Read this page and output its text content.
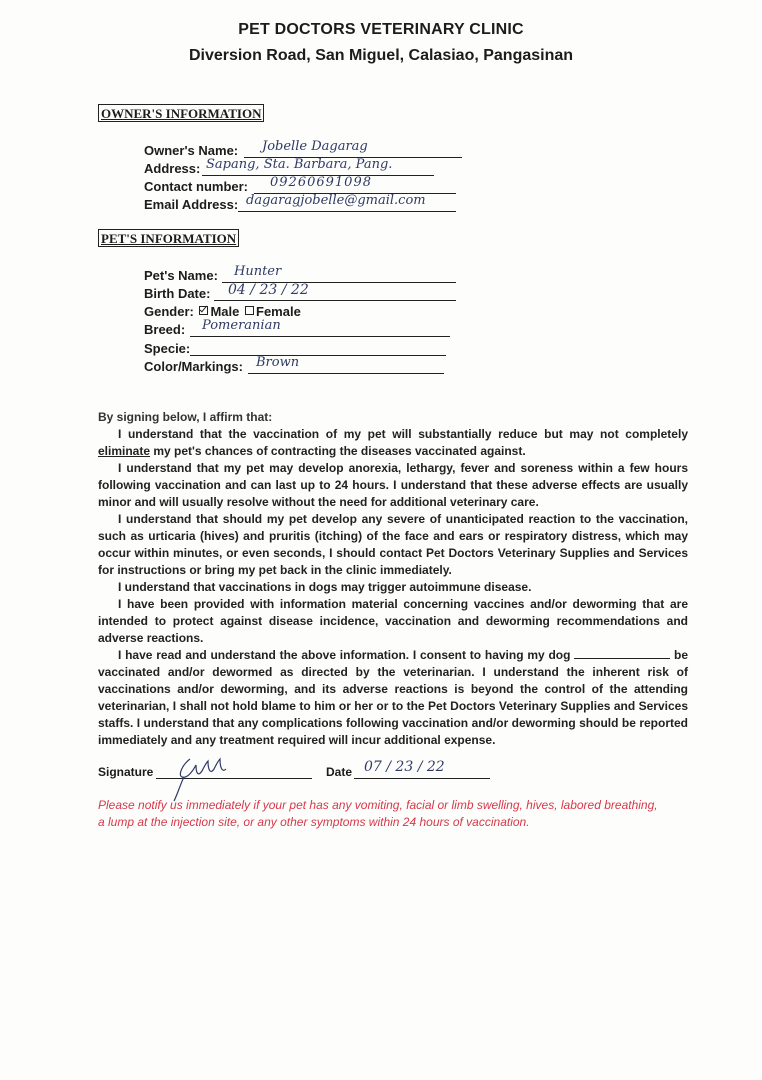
PET DOCTORS VETERINARY CLINIC
Diversion Road, San Miguel, Calasiao, Pangasinan
OWNER'S INFORMATION
Owner's Name: Jobelle Dagarag
Address: Sapang, Sta. Barbara, Pang.
Contact number: 09260691098
Email Address: dagaragjobelle@gmail.com
PET'S INFORMATION
Pet's Name: Hunter
Birth Date: 04 / 23 / 22
Gender: Male Female
Breed: Pomeranian
Specie:
Color/Markings: Brown
By signing below, I affirm that:
I understand that the vaccination of my pet will substantially reduce but may not completely eliminate my pet's chances of contracting the diseases vaccinated against.
I understand that my pet may develop anorexia, lethargy, fever and soreness within a few hours following vaccination and can last up to 24 hours. I understand that these adverse effects are usually minor and will usually resolve without the need for additional veterinary care.
I understand that should my pet develop any severe of unanticipated reaction to the vaccination, such as urticaria (hives) and pruritis (itching) of the face and ears or respiratory distress, which may occur within minutes, or even seconds, I should contact Pet Doctors Veterinary Supplies and Services for instructions or bring my pet back in the clinic immediately.
I understand that vaccinations in dogs may trigger autoimmune disease.
I have been provided with information material concerning vaccines and/or deworming that are intended to protect against disease incidence, vaccination and deworming recommendations and adverse reactions.
I have read and understand the above information. I consent to having my dog	be vaccinated and/or dewormed as directed by the veterinarian. I understand the inherent risk of vaccinations and/or deworming, and its adverse reactions is beyond the control of the attending veterinarian, I shall not hold blame to him or her or to the Pet Doctors Veterinary Supplies and Services staffs. I understand that any complications following vaccination and/or deworming should be reported immediately and any treatment required will incur additional expense.
Signature	Date 07 / 23 / 22
Please notify us immediately if your pet has any vomiting, facial or limb swelling, hives, labored breathing, a lump at the injection site, or any other symptoms within 24 hours of vaccination.
